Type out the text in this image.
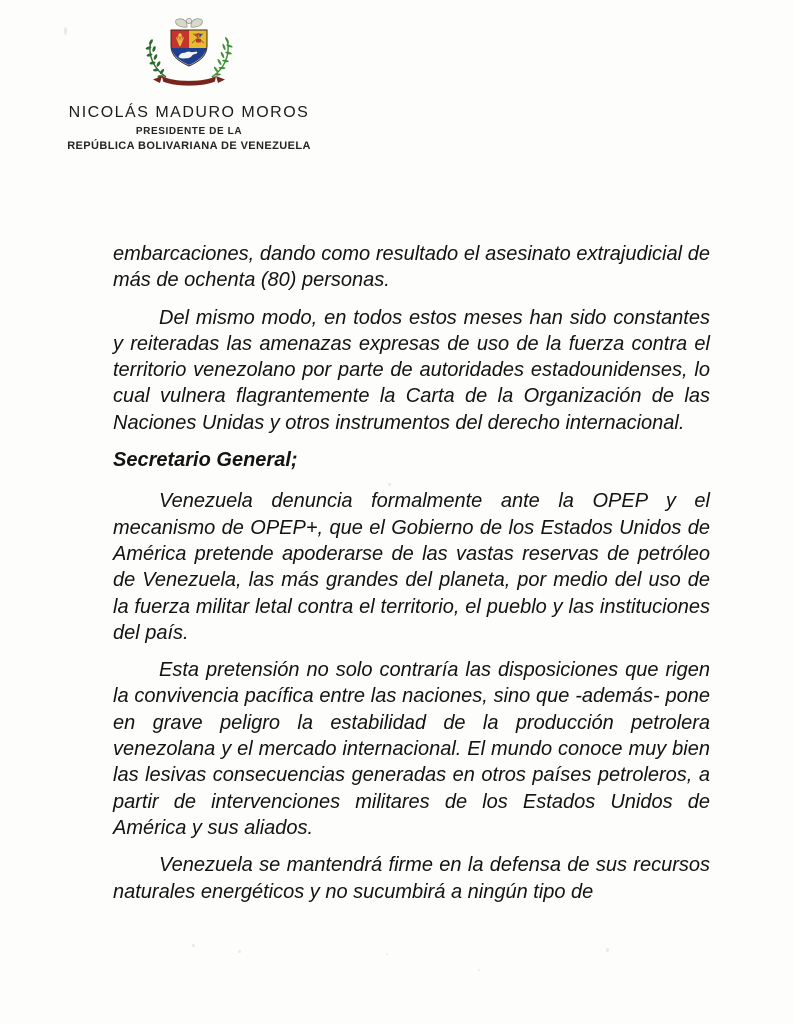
NICOLÁS MADURO MOROS
PRESIDENTE DE LA
REPÚBLICA BOLIVARIANA DE VENEZUELA

embarcaciones, dando como resultado el asesinato extrajudicial de más de ochenta (80) personas.

Del mismo modo, en todos estos meses han sido constantes y reiteradas las amenazas expresas de uso de la fuerza contra el territorio venezolano por parte de autoridades estadounidenses, lo cual vulnera flagrantemente la Carta de la Organización de las Naciones Unidas y otros instrumentos del derecho internacional.

Secretario General;

Venezuela denuncia formalmente ante la OPEP y el mecanismo de OPEP+, que el Gobierno de los Estados Unidos de América pretende apoderarse de las vastas reservas de petróleo de Venezuela, las más grandes del planeta, por medio del uso de la fuerza militar letal contra el territorio, el pueblo y las instituciones del país.

Esta pretensión no solo contraría las disposiciones que rigen la convivencia pacífica entre las naciones, sino que -además- pone en grave peligro la estabilidad de la producción petrolera venezolana y el mercado internacional. El mundo conoce muy bien las lesivas consecuencias generadas en otros países petroleros, a partir de intervenciones militares de los Estados Unidos de América y sus aliados.

Venezuela se mantendrá firme en la defensa de sus recursos naturales energéticos y no sucumbirá a ningún tipo de
